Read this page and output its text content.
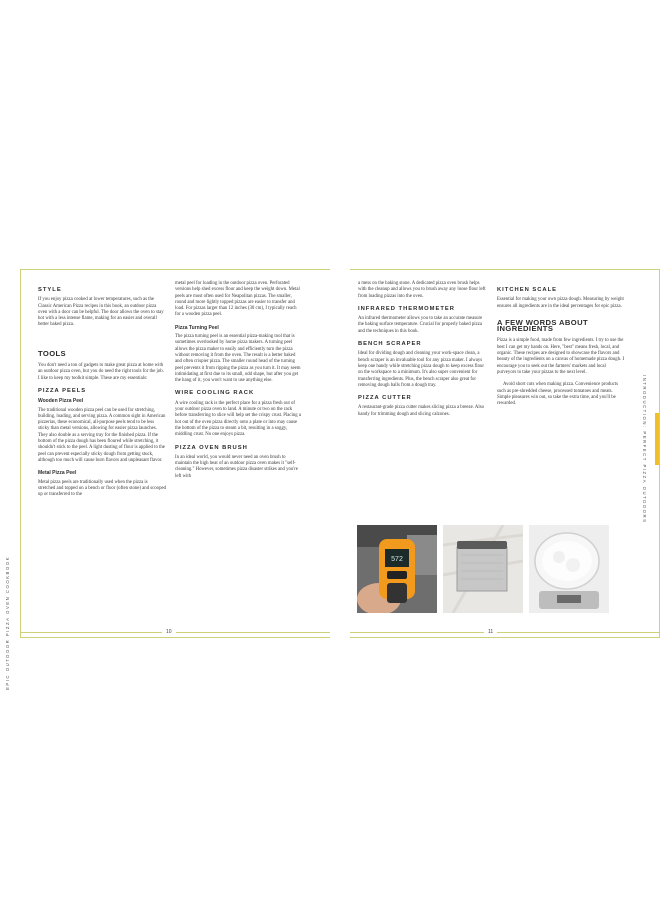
EPIC OUTDOOR PIZZA OVEN COOKBOOK
INTRODUCTION: PERFECT PIZZA OUTDOORS
STYLE

If you enjoy pizza cooked at lower temperatures, such as the Classic American Pizza recipes in this book, an outdoor pizza oven with a door can be helpful. The door allows the oven to stay hot with a less intense flame, making for an easier and overall better baked pizza.

TOOLS

You don't need a ton of gadgets to make great pizza at home with an outdoor pizza oven, but you do need the right tools for the job. I like to keep my toolkit simple. These are my essentials:

PIZZA PEELS
Wooden Pizza Peel

The traditional wooden pizza peel can be used for stretching, building, loading, and serving pizza. A common sight in American pizzerias, these economical, all-purpose peels tend to be less sticky than metal versions, allowing for easier pizza launches. They also double as a serving tray for the finished pizza. If the bottom of the pizza dough has been floured while stretching, it shouldn't stick to the peel. A light dusting of flour is applied to the peel can prevent especially sticky dough from getting stuck, although too much will cause burn flavors and unpleasant flavor.

Metal Pizza Peel

Metal pizza peels are traditionally used when the pizza is stretched and topped on a bench or floor (often stone) and scooped up or transferred to the

metal peel for loading in the outdoor pizza oven. Perforated versions help shed excess flour and keep the weight down. Metal peels are most often used for Neapolitan pizzas. The smaller, round and more lightly topped pizzas are easier to transfer and load. For pizzas larger than 12 inches (30 cm), I typically reach for a wooden pizza peel.

Pizza Turning Peel

The pizza turning peel is an essential pizza-making tool that is sometimes overlooked by home pizza makers. A turning peel allows the pizza maker to easily and efficiently turn the pizza without removing it from the oven. The result is a better baked and often crispier pizza. The smaller round head of the turning peel prevents it from ripping the pizza as you turn it. It may seem intimidating at first due to its small, odd shape, but after you get the hang of it, you won't want to use anything else.

WIRE COOLING RACK

A wire cooling rack is the perfect place for a pizza fresh out of your outdoor pizza oven to land. A minute or two on the rack before transferring to slice will help set the crispy crust. Placing a hot out of the oven pizza directly onto a plate or into may cause the bottom of the pizza to steam a bit, resulting in a soggy, middling crust. No one enjoys pizza.

PIZZA OVEN BRUSH

In an ideal world, you would never need an oven brush to maintain the high heat of an outdoor pizza oven makes it "self-cleaning." However, sometimes pizza disaster strikes and you're left with

a mess on the baking stone. A dedicated pizza oven brush helps with the cleanup and allows you to brush away any loose flour left from loading pizzas into the oven.

INFRARED THERMOMETER

An infrared thermometer allows you to take an accurate measure the baking surface temperature. Crucial for properly baked pizza and the techniques in this book.

BENCH SCRAPER

Ideal for dividing dough and cleaning your work-space clean, a bench scraper is an invaluable tool for any pizza maker. I always keep one handy while stretching pizza dough to keep excess flour on the workspace to a minimum. It's also super convenient for transferring ingredients. Plus, the bench scraper also great for removing dough balls from a dough tray.

PIZZA CUTTER

A restaurant-grade pizza cutter makes slicing pizza a breeze. Also handy for trimming dough and slicing calzones.

KITCHEN SCALE

Essential for making your own pizza dough. Measuring by weight ensures all ingredients are in the ideal percentages for epic pizza.

A FEW WORDS ABOUT INGREDIENTS

Pizza is a simple food, made from few ingredients. I try to use the best I can get my hands on. Here, "best" means fresh, local, and organic. These recipes are designed to showcase the flavors and beauty of the ingredients on a canvas of homemade pizza dough. I encourage you to seek out the farmers' markets and local purveyors to take your pizzas to the next level.

Avoid short cuts when making pizza. Convenience products such as pre-shredded cheese, processed tomatoes and meats. Simple pleasures win out, so take the extra time, and you'll be rewarded.

572
10	11
